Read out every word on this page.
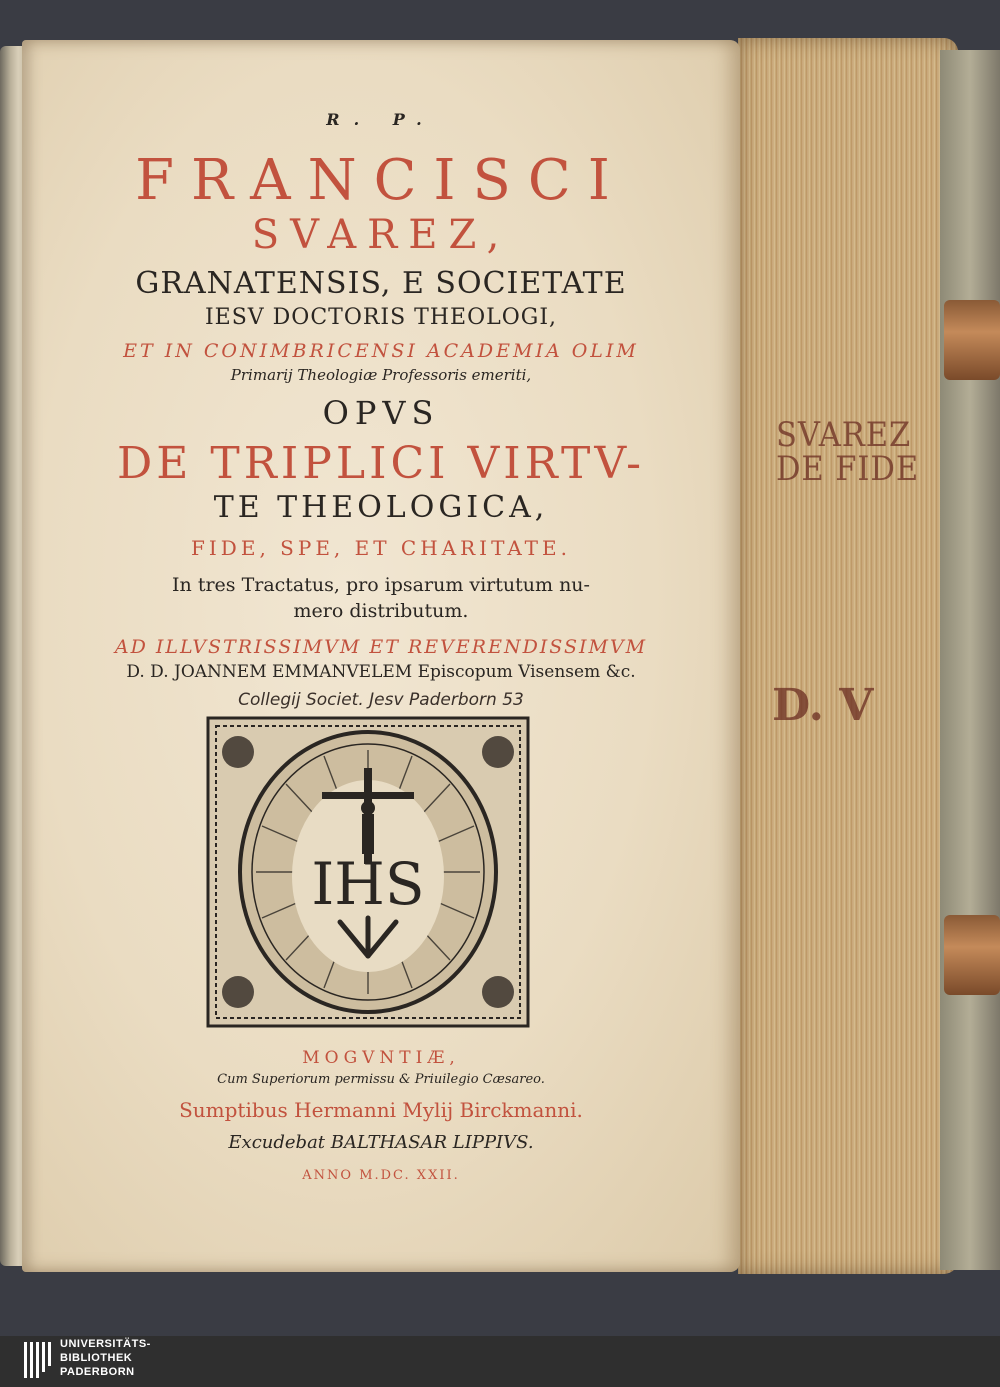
SVAREZ DE FIDE
D. V
R. P.
FRANCISCI
SVAREZ,
GRANATENSIS, E SOCIETATE
IESV DOCTORIS THEOLOGI,
ET IN CONIMBRICENSI ACADEMIA OLIM
Primarij Theologiæ Professoris emeriti,
OPVS
DE TRIPLICI VIRTV-
TE THEOLOGICA,
FIDE, SPE, ET CHARITATE.
In tres Tractatus, pro ipsarum virtutum nu-
mero distributum.
AD ILLVSTRISSIMVM ET REVERENDISSIMVM
D. D. JOANNEM EMMANVELEM Episcopum Visensem &c.
Collegij Societ. Jesv Paderborn 53
IHS
MOGVNTIÆ,
Cum Superiorum permissu & Priuilegio Cæsareo.
Sumptibus Hermanni Mylij Birckmanni.
Excudebat BALTHASAR LIPPIVS.
ANNO M.DC. XXII.
UNIVERSITÄTS-
BIBLIOTHEK
PADERBORN
